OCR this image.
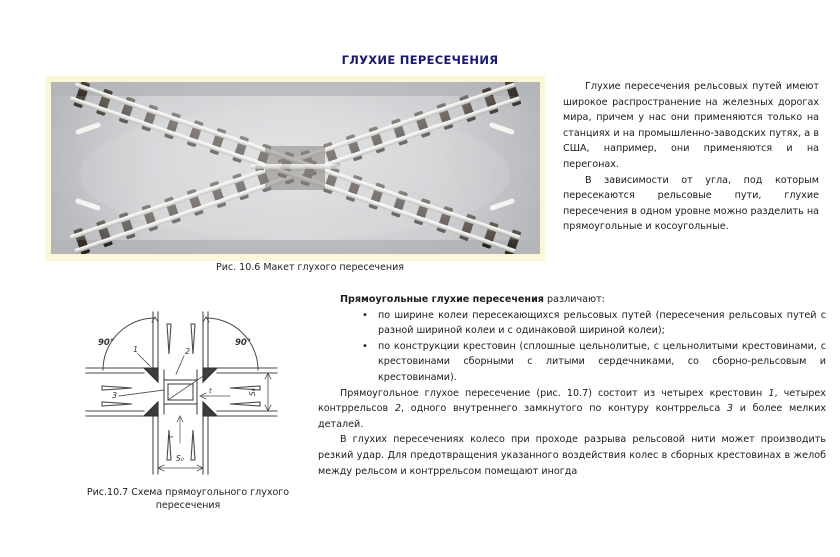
ГЛУХИЕ ПЕРЕСЕЧЕНИЯ
Рис. 10.6 Макет глухого пересечения
90°	90°
1	2
3
S₀
S₀
t
t
Рис.10.7 Схема прямоугольного глухого
пересечения

Глухие пересечения рельсовых путей имеют широкое распространение на железных дорогах мира, причем у нас они применяются только на станциях и на промышленно-заводских путях, а в США, например, они применяются и на перегонах.

В зависимости от угла, под которым пересекаются рельсовые пути, глухие пересечения в одном уровне можно разделить на прямоугольные и косоугольные.

Прямоугольные глухие пересечения различают:

• по ширине колеи пересекающихся рельсовых путей (пересечения рельсовых путей с разной шириной колеи и с одинаковой шириной колеи);
• по конструкции крестовин (сплошные цельнолитые, с цельнолитыми крестовинами, с крестовинами сборными с литыми сердечниками, со сборно-рельсовым и крестовинами).

Прямоугольное глухое пересечение (рис. 10.7) состоит из четырех крестовин 1, четырех контррельсов 2, одного внутреннего замкнутого по контуру контррельса 3 и более мелких деталей.

В глухих пересечениях колесо при проходе разрыва рельсовой нити может производить резкий удар. Для предотвращения указанного воздействия колес в сборных крестовинах в желоб между рельсом и контррельсом помещают иногда
